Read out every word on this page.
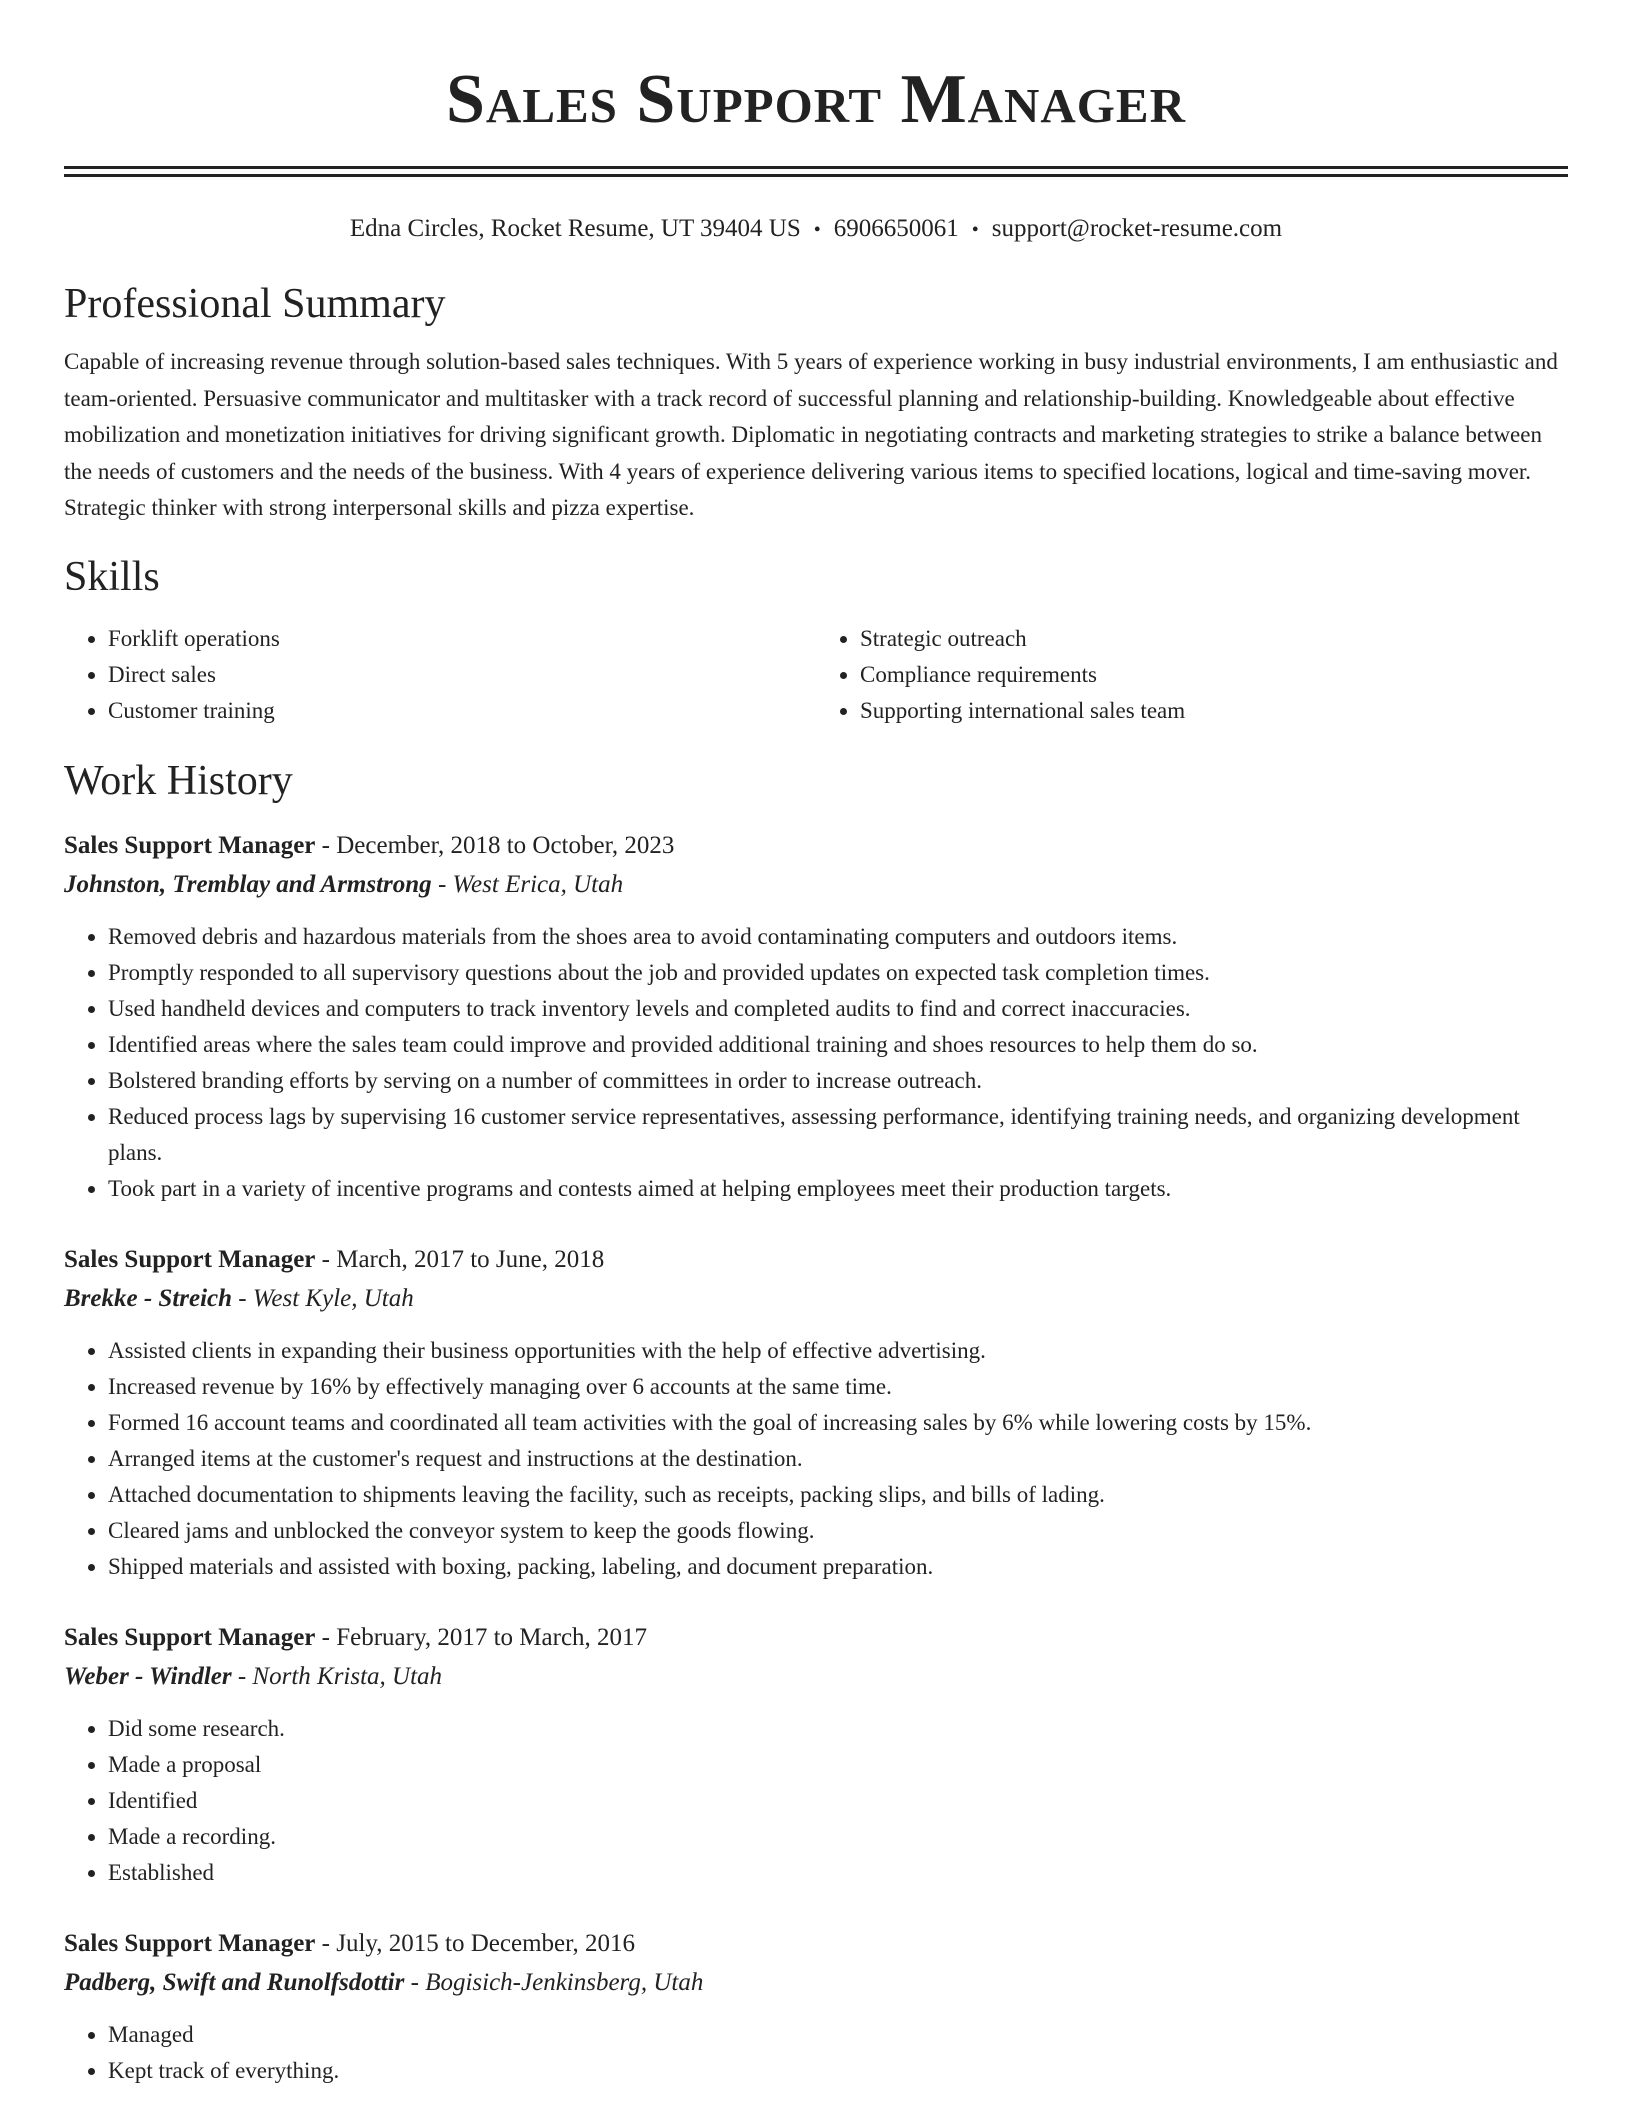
Sales Support Manager
Edna Circles, Rocket Resume, UT 39404 US • 6906650061 • support@rocket-resume.com
Professional Summary

Capable of increasing revenue through solution-based sales techniques. With 5 years of experience working in busy industrial environments, I am enthusiastic and team-oriented. Persuasive communicator and multitasker with a track record of successful planning and relationship-building. Knowledgeable about effective mobilization and monetization initiatives for driving significant growth. Diplomatic in negotiating contracts and marketing strategies to strike a balance between the needs of customers and the needs of the business. With 4 years of experience delivering various items to specified locations, logical and time-saving mover. Strategic thinker with strong interpersonal skills and pizza expertise.

Skills
• Forklift operations
• Direct sales
• Customer training
• Strategic outreach
• Compliance requirements
• Supporting international sales team
Work History
Sales Support Manager - December, 2018 to October, 2023
Johnston, Tremblay and Armstrong - West Erica, Utah
• Removed debris and hazardous materials from the shoes area to avoid contaminating computers and outdoors items.
• Promptly responded to all supervisory questions about the job and provided updates on expected task completion times.
• Used handheld devices and computers to track inventory levels and completed audits to find and correct inaccuracies.
• Identified areas where the sales team could improve and provided additional training and shoes resources to help them do so.
• Bolstered branding efforts by serving on a number of committees in order to increase outreach.
• Reduced process lags by supervising 16 customer service representatives, assessing performance, identifying training needs, and organizing development plans.
• Took part in a variety of incentive programs and contests aimed at helping employees meet their production targets.
Sales Support Manager - March, 2017 to June, 2018
Brekke - Streich - West Kyle, Utah
• Assisted clients in expanding their business opportunities with the help of effective advertising.
• Increased revenue by 16% by effectively managing over 6 accounts at the same time.
• Formed 16 account teams and coordinated all team activities with the goal of increasing sales by 6% while lowering costs by 15%.
• Arranged items at the customer's request and instructions at the destination.
• Attached documentation to shipments leaving the facility, such as receipts, packing slips, and bills of lading.
• Cleared jams and unblocked the conveyor system to keep the goods flowing.
• Shipped materials and assisted with boxing, packing, labeling, and document preparation.
Sales Support Manager - February, 2017 to March, 2017
Weber - Windler - North Krista, Utah
• Did some research.
• Made a proposal
• Identified
• Made a recording.
• Established
Sales Support Manager - July, 2015 to December, 2016
Padberg, Swift and Runolfsdottir - Bogisich-Jenkinsberg, Utah
• Managed
• Kept track of everything.
